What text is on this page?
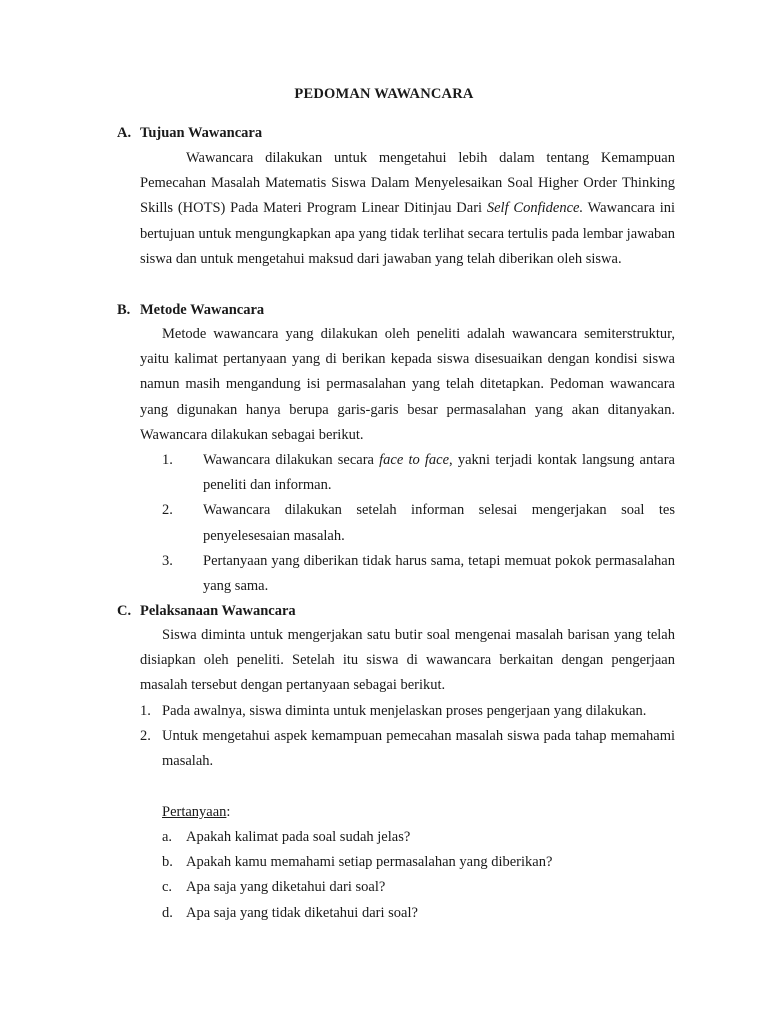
PEDOMAN WAWANCARA
A. Tujuan Wawancara
Wawancara dilakukan untuk mengetahui lebih dalam tentang Kemampuan Pemecahan Masalah Matematis Siswa Dalam Menyelesaikan Soal Higher Order Thinking Skills (HOTS) Pada Materi Program Linear Ditinjau Dari Self Confidence. Wawancara ini bertujuan untuk mengungkapkan apa yang tidak terlihat secara tertulis pada lembar jawaban siswa dan untuk mengetahui maksud dari jawaban yang telah diberikan oleh siswa.
B. Metode Wawancara
Metode wawancara yang dilakukan oleh peneliti adalah wawancara semiterstruktur, yaitu kalimat pertanyaan yang di berikan kepada siswa disesuaikan dengan kondisi siswa namun masih mengandung isi permasalahan yang telah ditetapkan. Pedoman wawancara yang digunakan hanya berupa garis-garis besar permasalahan yang akan ditanyakan. Wawancara dilakukan sebagai berikut.
1. Wawancara dilakukan secara face to face, yakni terjadi kontak langsung antara peneliti dan informan.
2. Wawancara dilakukan setelah informan selesai mengerjakan soal tes penyelesesaian masalah.
3. Pertanyaan yang diberikan tidak harus sama, tetapi memuat pokok permasalahan yang sama.
C. Pelaksanaan Wawancara
Siswa diminta untuk mengerjakan satu butir soal mengenai masalah barisan yang telah disiapkan oleh peneliti. Setelah itu siswa di wawancara berkaitan dengan pengerjaan masalah tersebut dengan pertanyaan sebagai berikut.
1. Pada awalnya, siswa diminta untuk menjelaskan proses pengerjaan yang dilakukan.
2. Untuk mengetahui aspek kemampuan pemecahan masalah siswa pada tahap memahami masalah.
Pertanyaan:
a. Apakah kalimat pada soal sudah jelas?
b. Apakah kamu memahami setiap permasalahan yang diberikan?
c. Apa saja yang diketahui dari soal?
d. Apa saja yang tidak diketahui dari soal?
